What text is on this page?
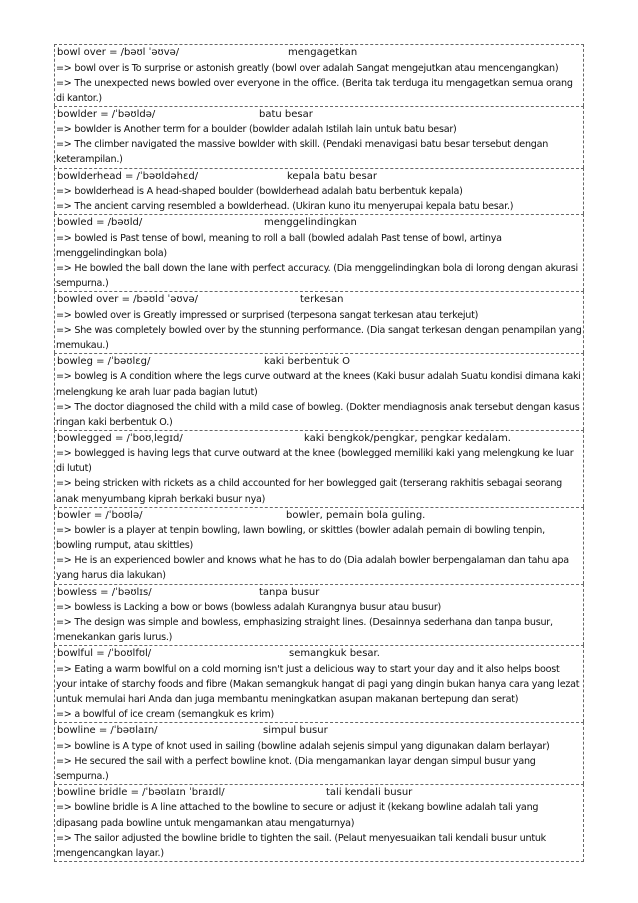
bowl over = /bəʊl ˈəʊvə/	mengagetkan
=> bowl over is To surprise or astonish greatly (bowl over adalah Sangat mengejutkan atau mencengangkan)
=> The unexpected news bowled over everyone in the office. (Berita tak terduga itu mengagetkan semua orang di kantor.)
bowlder = /ˈbəʊldə/	batu besar
=> bowlder is Another term for a boulder (bowlder adalah Istilah lain untuk batu besar)
=> The climber navigated the massive bowlder with skill. (Pendaki menavigasi batu besar tersebut dengan keterampilan.)
bowlderhead = /ˈbəʊldəhɛd/	kepala batu besar
=> bowlderhead is A head-shaped boulder (bowlderhead adalah batu berbentuk kepala)
=> The ancient carving resembled a bowlderhead. (Ukiran kuno itu menyerupai kepala batu besar.)
bowled = /bəʊld/	menggelindingkan
=> bowled is Past tense of bowl, meaning to roll a ball (bowled adalah Past tense of bowl, artinya menggelindingkan bola)
=> He bowled the ball down the lane with perfect accuracy. (Dia menggelindingkan bola di lorong dengan akurasi sempurna.)
bowled over = /bəʊld ˈəʊvə/	terkesan
=> bowled over is Greatly impressed or surprised (terpesona sangat terkesan atau terkejut)
=> She was completely bowled over by the stunning performance. (Dia sangat terkesan dengan penampilan yang memukau.)
bowleg = /ˈbəʊlɛg/	kaki berbentuk O
=> bowleg is A condition where the legs curve outward at the knees (Kaki busur adalah Suatu kondisi dimana kaki melengkung ke arah luar pada bagian lutut)
=> The doctor diagnosed the child with a mild case of bowleg. (Dokter mendiagnosis anak tersebut dengan kasus ringan kaki berbentuk O.)
bowlegged = /ˈboʊˌlegɪd/	kaki bengkok/pengkar, pengkar kedalam.
=> bowlegged is having legs that curve outward at the knee (bowlegged memiliki kaki yang melengkung ke luar di lutut)
=> being stricken with rickets as a child accounted for her bowlegged gait (terserang rakhitis sebagai seorang anak menyumbang kiprah berkaki busur nya)
bowler = /ˈboʊlə/	bowler, pemain bola guling.
=> bowler is a player at tenpin bowling, lawn bowling, or skittles (bowler adalah pemain di bowling tenpin, bowling rumput, atau skittles)
=> He is an experienced bowler and knows what he has to do (Dia adalah bowler berpengalaman dan tahu apa yang harus dia lakukan)
bowless = /ˈbəʊlɪs/	tanpa busur
=> bowless is Lacking a bow or bows (bowless adalah Kurangnya busur atau busur)
=> The design was simple and bowless, emphasizing straight lines. (Desainnya sederhana dan tanpa busur, menekankan garis lurus.)
bowlful = /ˈboʊlfʊl/	semangkuk besar.
=> Eating a warm bowlful on a cold morning isn't just a delicious way to start your day and it also helps boost your intake of starchy foods and fibre (Makan semangkuk hangat di pagi yang dingin bukan hanya cara yang lezat untuk memulai hari Anda dan juga membantu meningkatkan asupan makanan bertepung dan serat)
=> a bowlful of ice cream (semangkuk es krim)
bowline = /ˈbəʊlaɪn/	simpul busur
=> bowline is A type of knot used in sailing (bowline adalah sejenis simpul yang digunakan dalam berlayar)
=> He secured the sail with a perfect bowline knot. (Dia mengamankan layar dengan simpul busur yang sempurna.)
bowline bridle = /ˈbəʊlaɪn ˈbraɪdl/	tali kendali busur
=> bowline bridle is A line attached to the bowline to secure or adjust it (kekang bowline adalah tali yang dipasang pada bowline untuk mengamankan atau mengaturnya)
=> The sailor adjusted the bowline bridle to tighten the sail. (Pelaut menyesuaikan tali kendali busur untuk mengencangkan layar.)
